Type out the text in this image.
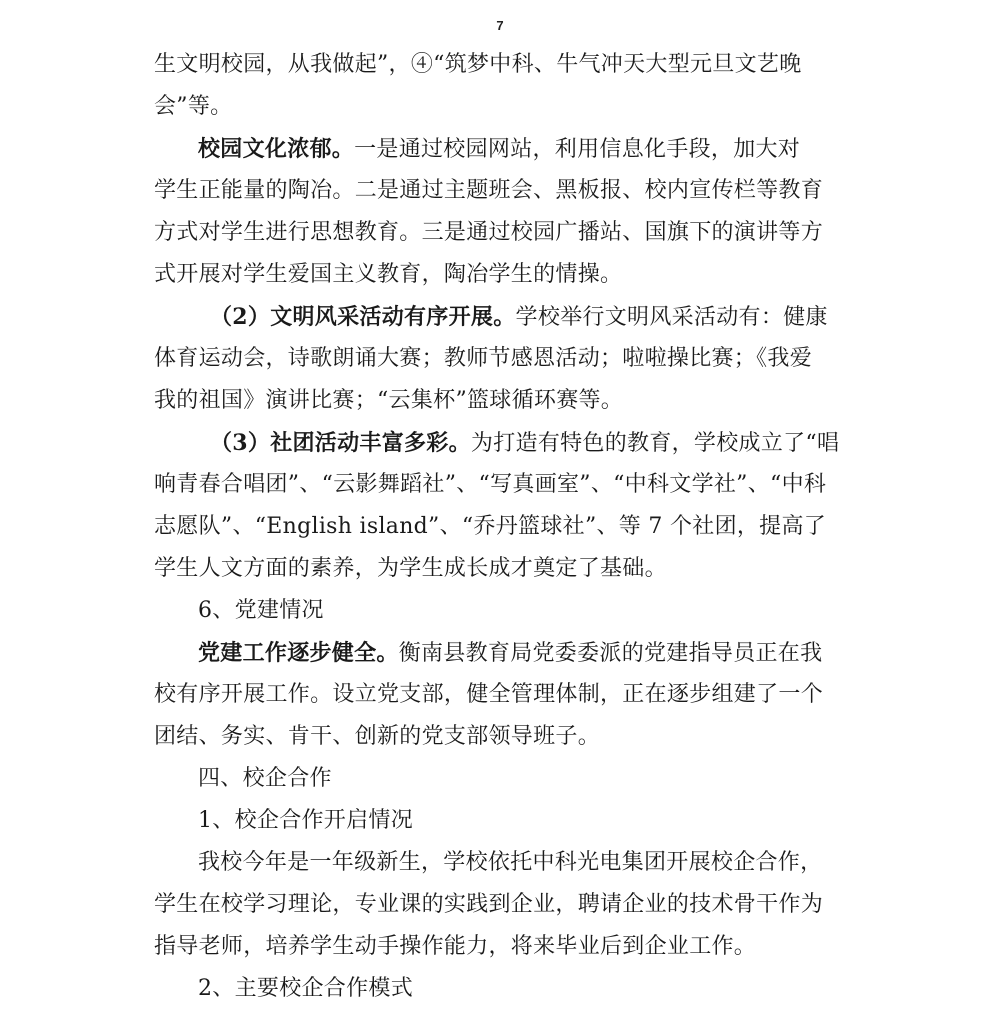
7
生文明校园，从我做起”，④“筑梦中科、牛气冲天大型元旦文艺晚
会”等。
校园文化浓郁。一是通过校园网站，利用信息化手段，加大对
学生正能量的陶冶。二是通过主题班会、黑板报、校内宣传栏等教育
方式对学生进行思想教育。三是通过校园广播站、国旗下的演讲等方
式开展对学生爱国主义教育，陶冶学生的情操。
（2）文明风采活动有序开展。学校举行文明风采活动有：健康
体育运动会，诗歌朗诵大赛；教师节感恩活动；啦啦操比赛；《我爱
我的祖国》演讲比赛；“云集杯”篮球循环赛等。
（3）社团活动丰富多彩。为打造有特色的教育，学校成立了“唱
响青春合唱团”、“云影舞蹈社”、“写真画室”、“中科文学社”、“中科
志愿队”、“English island”、“乔丹篮球社”、等 7 个社团，提高了
学生人文方面的素养，为学生成长成才奠定了基础。
6、党建情况
党建工作逐步健全。衡南县教育局党委委派的党建指导员正在我
校有序开展工作。设立党支部，健全管理体制，正在逐步组建了一个
团结、务实、肯干、创新的党支部领导班子。
四、校企合作
1、校企合作开启情况
我校今年是一年级新生，学校依托中科光电集团开展校企合作，
学生在校学习理论，专业课的实践到企业，聘请企业的技术骨干作为
指导老师，培养学生动手操作能力，将来毕业后到企业工作。
2、主要校企合作模式
